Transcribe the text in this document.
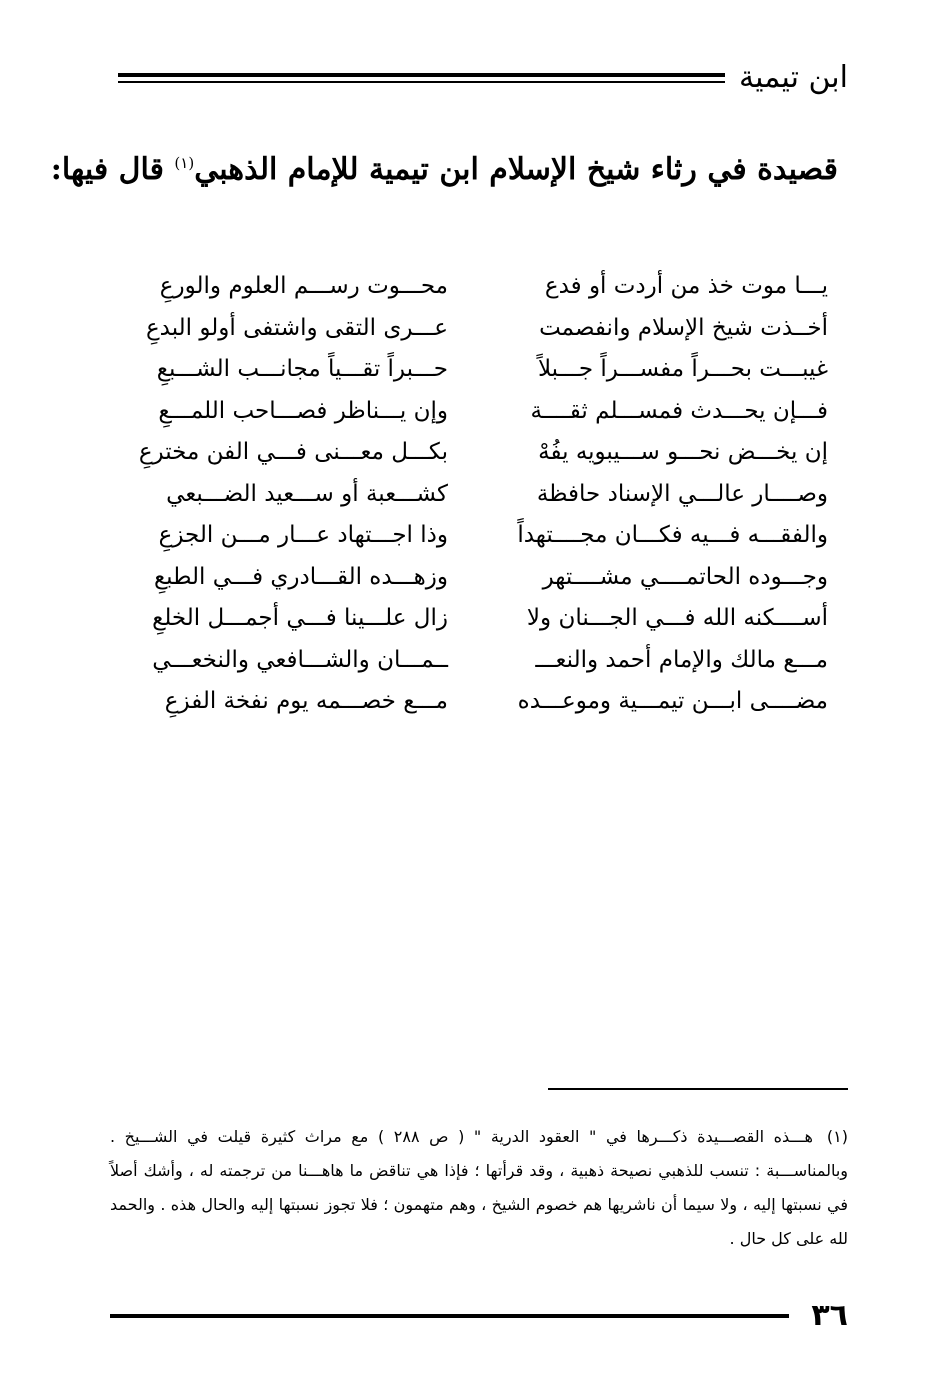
ابن تيمية
قصيدة في رثاء شيخ الإسلام ابن تيمية للإمام الذهبي$^{(١)}$ قال فيها:
يـــا موت خذ من أردت أو فدع
أخــذت شيخ الإسلام وانفصمت
غيبـــت بحـــراً مفســـراً جـــبلاً
فـــإن يحـــدث فمســـلم ثقــــة
إن يخـــض نحـــو ســـيبويه يفُهْ
وصــــار عالـــي الإسناد حافظة
والفقـــه فـــيه فكـــان مجــــتهداً
وجـــوده الحاتمــــي مشــــتهر
أســــكنه الله فـــي الجـــنان ولا
مـــع مالك والإمام أحمد والنعـــ
مضــــى ابـــن تيمـــية وموعـــده
محـــوت رســـم العلوم والورعِ
عـــرى التقى واشتفى أولو البدعِ
حـــبراً تقـــياً مجانـــب الشـــبعِ
وإن يـــناظر فصـــاحب اللمـــعِ
بكـــل معـــنى فـــي الفن مخترعِ
كشـــعبة أو ســـعيد الضـــبعي
وذا اجـــتهاد عـــار مـــن الجزعِ
وزهـــده القـــادري فـــي الطبعِ
زال علـــينا فـــي أجمـــل الخلعِ
ــمـــان والشـــافعي والنخعـــي
مـــع خصـــمه يوم نفخة الفزعِ
(١)هـــذه القصـــيدة ذكـــرها في " العقود الدرية " ( ص ٢٨٨ ) مع مراث كثيرة قيلت في الشـــيخ . وبالمناســـبة : تنسب للذهبي نصيحة ذهبية ، وقد قرأتها ؛ فإذا هي تناقض ما هاهـــنا من ترجمته له ، وأشك أصلاً في نسبتها إليه ، ولا سيما أن ناشريها هم خصوم الشيخ ، وهم متهمون ؛ فلا تجوز نسبتها إليه والحال هذه . والحمد لله على كل حال .
٣٦
